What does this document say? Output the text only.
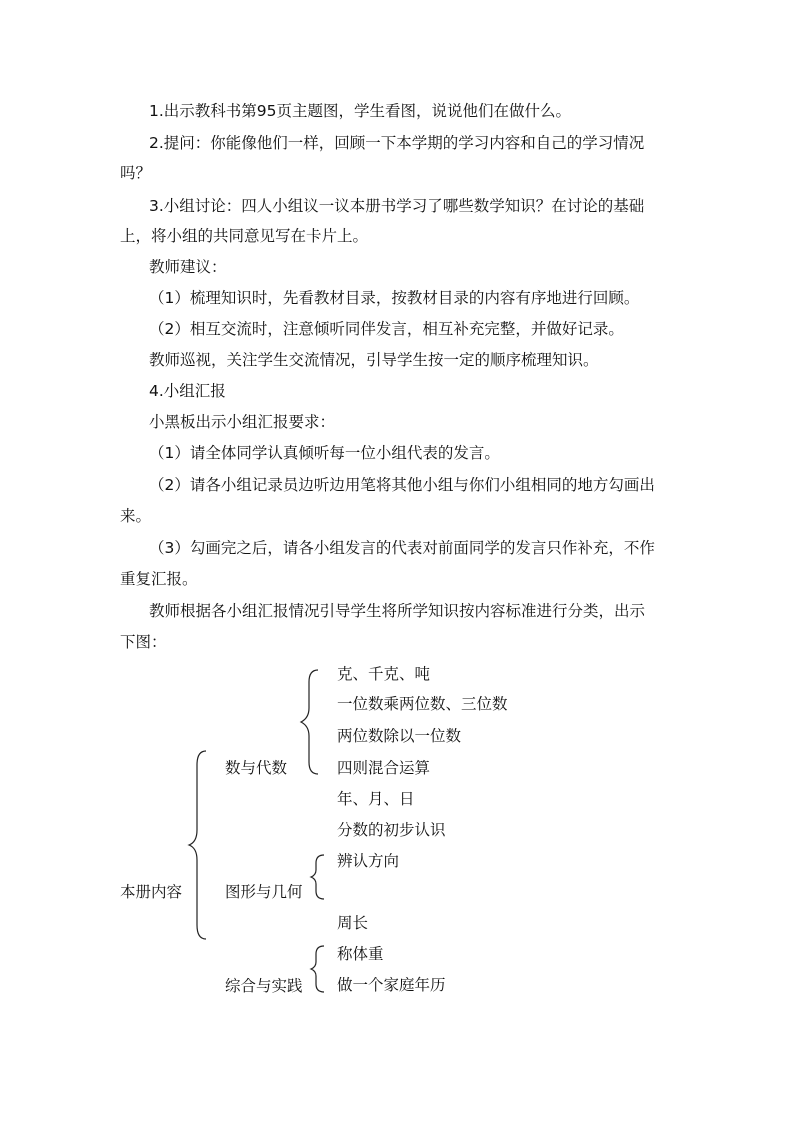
1.出示教科书第95页主题图，学生看图，说说他们在做什么。
2.提问：你能像他们一样，回顾一下本学期的学习内容和自己的学习情况
吗？
3.小组讨论：四人小组议一议本册书学习了哪些数学知识？在讨论的基础
上，将小组的共同意见写在卡片上。
教师建议：
（1）梳理知识时，先看教材目录，按教材目录的内容有序地进行回顾。
（2）相互交流时，注意倾听同伴发言，相互补充完整，并做好记录。
教师巡视，关注学生交流情况，引导学生按一定的顺序梳理知识。
4.小组汇报
小黑板出示小组汇报要求：
（1）请全体同学认真倾听每一位小组代表的发言。
（2）请各小组记录员边听边用笔将其他小组与你们小组相同的地方勾画出
来。
（3）勾画完之后，请各小组发言的代表对前面同学的发言只作补充，不作
重复汇报。
教师根据各小组汇报情况引导学生将所学知识按内容标准进行分类，出示
下图：
本册内容
数与代数
克、千克、吨
一位数乘两位数、三位数
两位数除以一位数
四则混合运算
年、月、日
分数的初步认识
图形与几何
辨认方向
周长
综合与实践
称体重
做一个家庭年历
